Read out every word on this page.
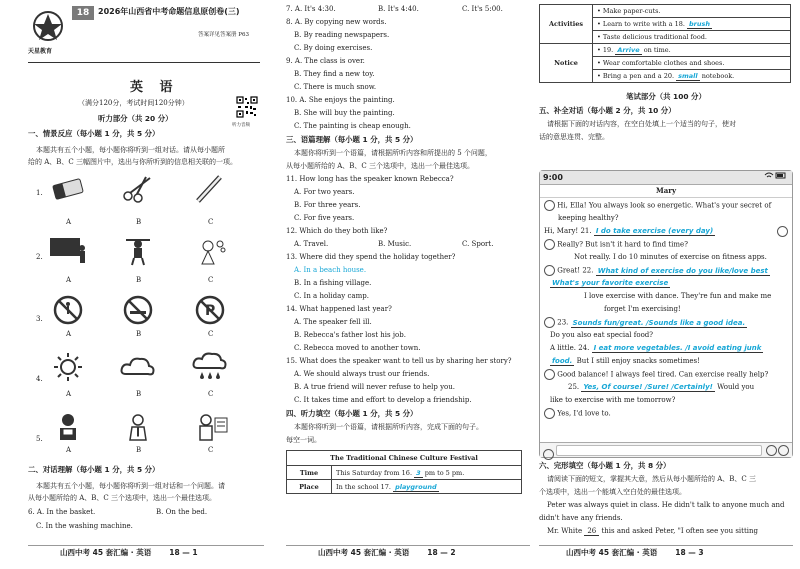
18	2026年山西省中考命题信息原创卷(三)
答案详见答案册 P63
天星教育
英 语
（满分120分，考试时间120分钟）
听力部分（共 20 分）
听力音频
一、情景反应（每小题 1 分，共 5 分）
本题共有五个小题，每小题你将听到一组对话。请从每小题所
给的 A、B、C 三幅图片中，选出与你所听到的信息相关联的一项。
1.
A	B	C
2.
A	B	C
3.	P
A	B	C
4.
A	B	C
5.
A	B	C
二、对话理解（每小题 1 分，共 5 分）
本题共有五个小题，每小题你将听到一组对话和一个问题。请
从每小题所给的 A、B、C 三个选项中，选出一个最佳选项。
6. A. In the basket.	B. On the bed.
C. In the washing machine.
山西中考 45 套汇编 · 英语 18 — 1
7. A. It's 4:30.	B. It's 4:40.	C. It's 5:00.
8. A. By copying new words.
B. By reading newspapers.
C. By doing exercises.
9. A. The class is over.
B. They find a new toy.
C. There is much snow.
10. A. She enjoys the painting.
B. She will buy the painting.
C. The painting is cheap enough.
三、语篇理解（每小题 1 分，共 5 分）
本题你将听到一个语篇，请根据所听内容和所提出的 5 个问题，
从每小题所给的 A、B、C 三个选项中，选出一个最佳选项。
11. How long has the speaker known Rebecca?
A. For two years.
B. For three years.
C. For five years.
12. Which do they both like?
A. Travel.	B. Music.	C. Sport.
13. Where did they spend the holiday together?
A. In a beach house.
B. In a fishing village.
C. In a holiday camp.
14. What happened last year?
A. The speaker fell ill.
B. Rebecca's father lost his job.
C. Rebecca moved to another town.
15. What does the speaker want to tell us by sharing her story?
A. We should always trust our friends.
B. A true friend will never refuse to help you.
C. It takes time and effort to develop a friendship.
四、听力填空（每小题 1 分，共 5 分）
本题你将听到一个语篇，请根据所听内容，完成下面的句子。
每空一词。
The Traditional Chinese Culture Festival	
Time	This Saturday from 16. 3 pm to 5 pm.
Place	In the school 17. playground
山西中考 45 套汇编 · 英语 18 — 2
Activities	• Make paper-cuts.
	• Learn to write with a 18. brush
	• Taste delicious traditional food.
Notice	• 19. Arrive on time.
	• Wear comfortable clothes and shoes.
	• Bring a pen and a 20. small notebook.
笔试部分（共 100 分）
五、补全对话（每小题 2 分，共 10 分）
请根据下面的对话内容，在空白处填上一个适当的句子，使对
话的意思连贯、完整。
9:00
Mary
Hi, Ella! You always look so energetic. What's your secret of
keeping healthy?
Hi, Mary! 21. I do take exercise (every day)
Really? But isn't it hard to find time?
Not really. I do 10 minutes of exercise on fitness apps.
Great! 22. What kind of exercise do you like/love best
What's your favorite exercise
I love exercise with dance. They're fun and make me
forget I'm exercising!
23. Sounds fun/great. /Sounds like a good idea.
Do you also eat special food?
A little. 24. I eat more vegetables. /I avoid eating junk
food. But I still enjoy snacks sometimes!
Good balance! I always feel tired. Can exercise really help?
25. Yes, Of course! /Sure! /Certainly! Would you
like to exercise with me tomorrow?
Yes, I'd love to.
六、完形填空（每小题 1 分，共 8 分）
请阅读下面的短文，掌握其大意，然后从每小题所给的 A、B、C 三
个选项中，选出一个能填入空白处的最佳选项。
Peter was always quiet in class. He didn't talk to anyone much and
didn't have any friends.
Mr. White 26 this and asked Peter, "I often see you sitting
山西中考 45 套汇编 · 英语 18 — 3
